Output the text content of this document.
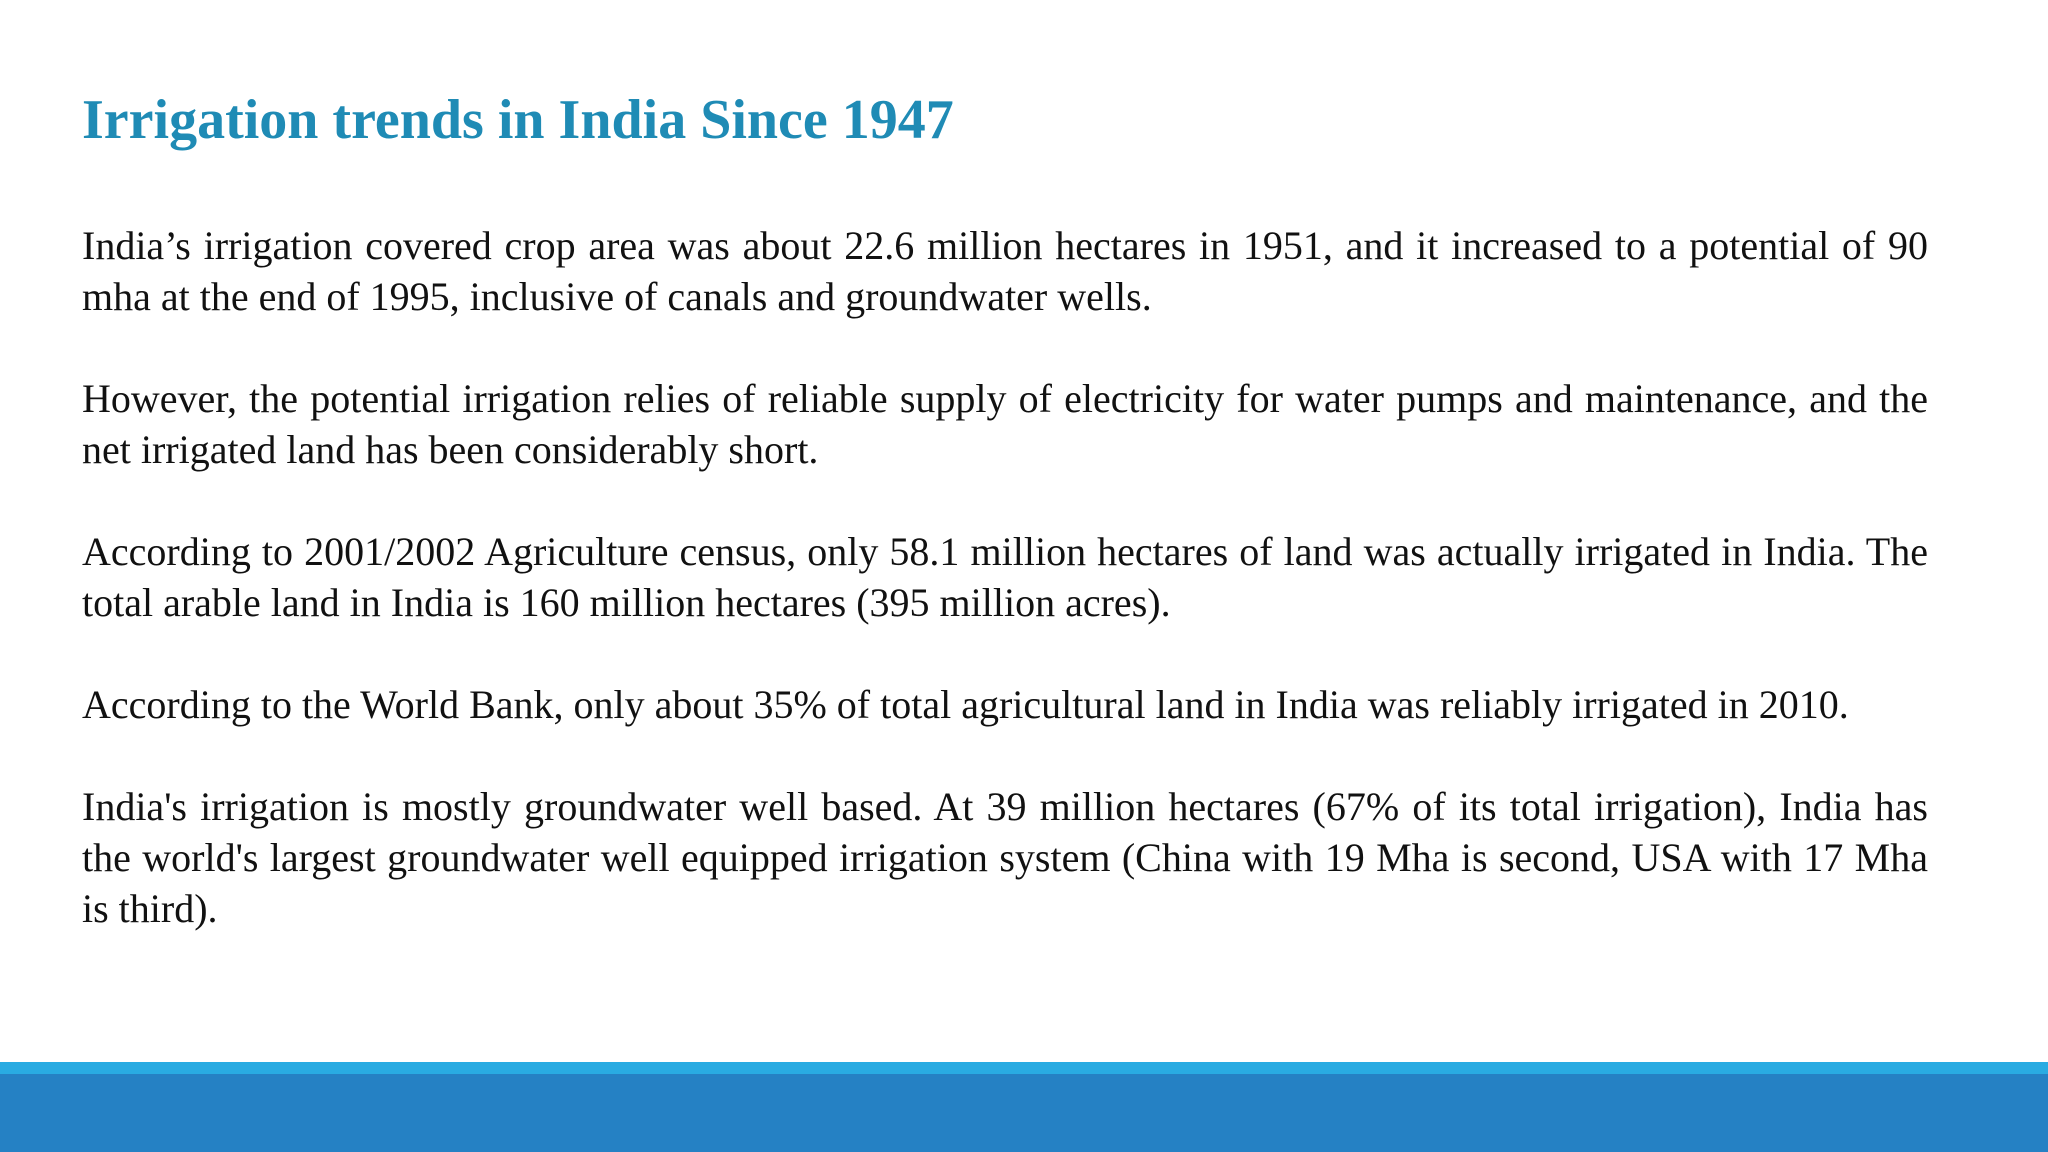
Irrigation trends in India Since 1947

India’s irrigation covered crop area was about 22.6 million hectares in 1951, and it increased to a potential of 90 mha at the end of 1995, inclusive of canals and groundwater wells.

However, the potential irrigation relies of reliable supply of electricity for water pumps and maintenance, and the net irrigated land has been considerably short.

According to 2001/2002 Agriculture census, only 58.1 million hectares of land was actually irrigated in India. The total arable land in India is 160 million hectares (395 million acres).

According to the World Bank, only about 35% of total agricultural land in India was reliably irrigated in 2010.

India's irrigation is mostly groundwater well based. At 39 million hectares (67% of its total irrigation), India has the world's largest groundwater well equipped irrigation system (China with 19 Mha is second, USA with 17 Mha is third).
